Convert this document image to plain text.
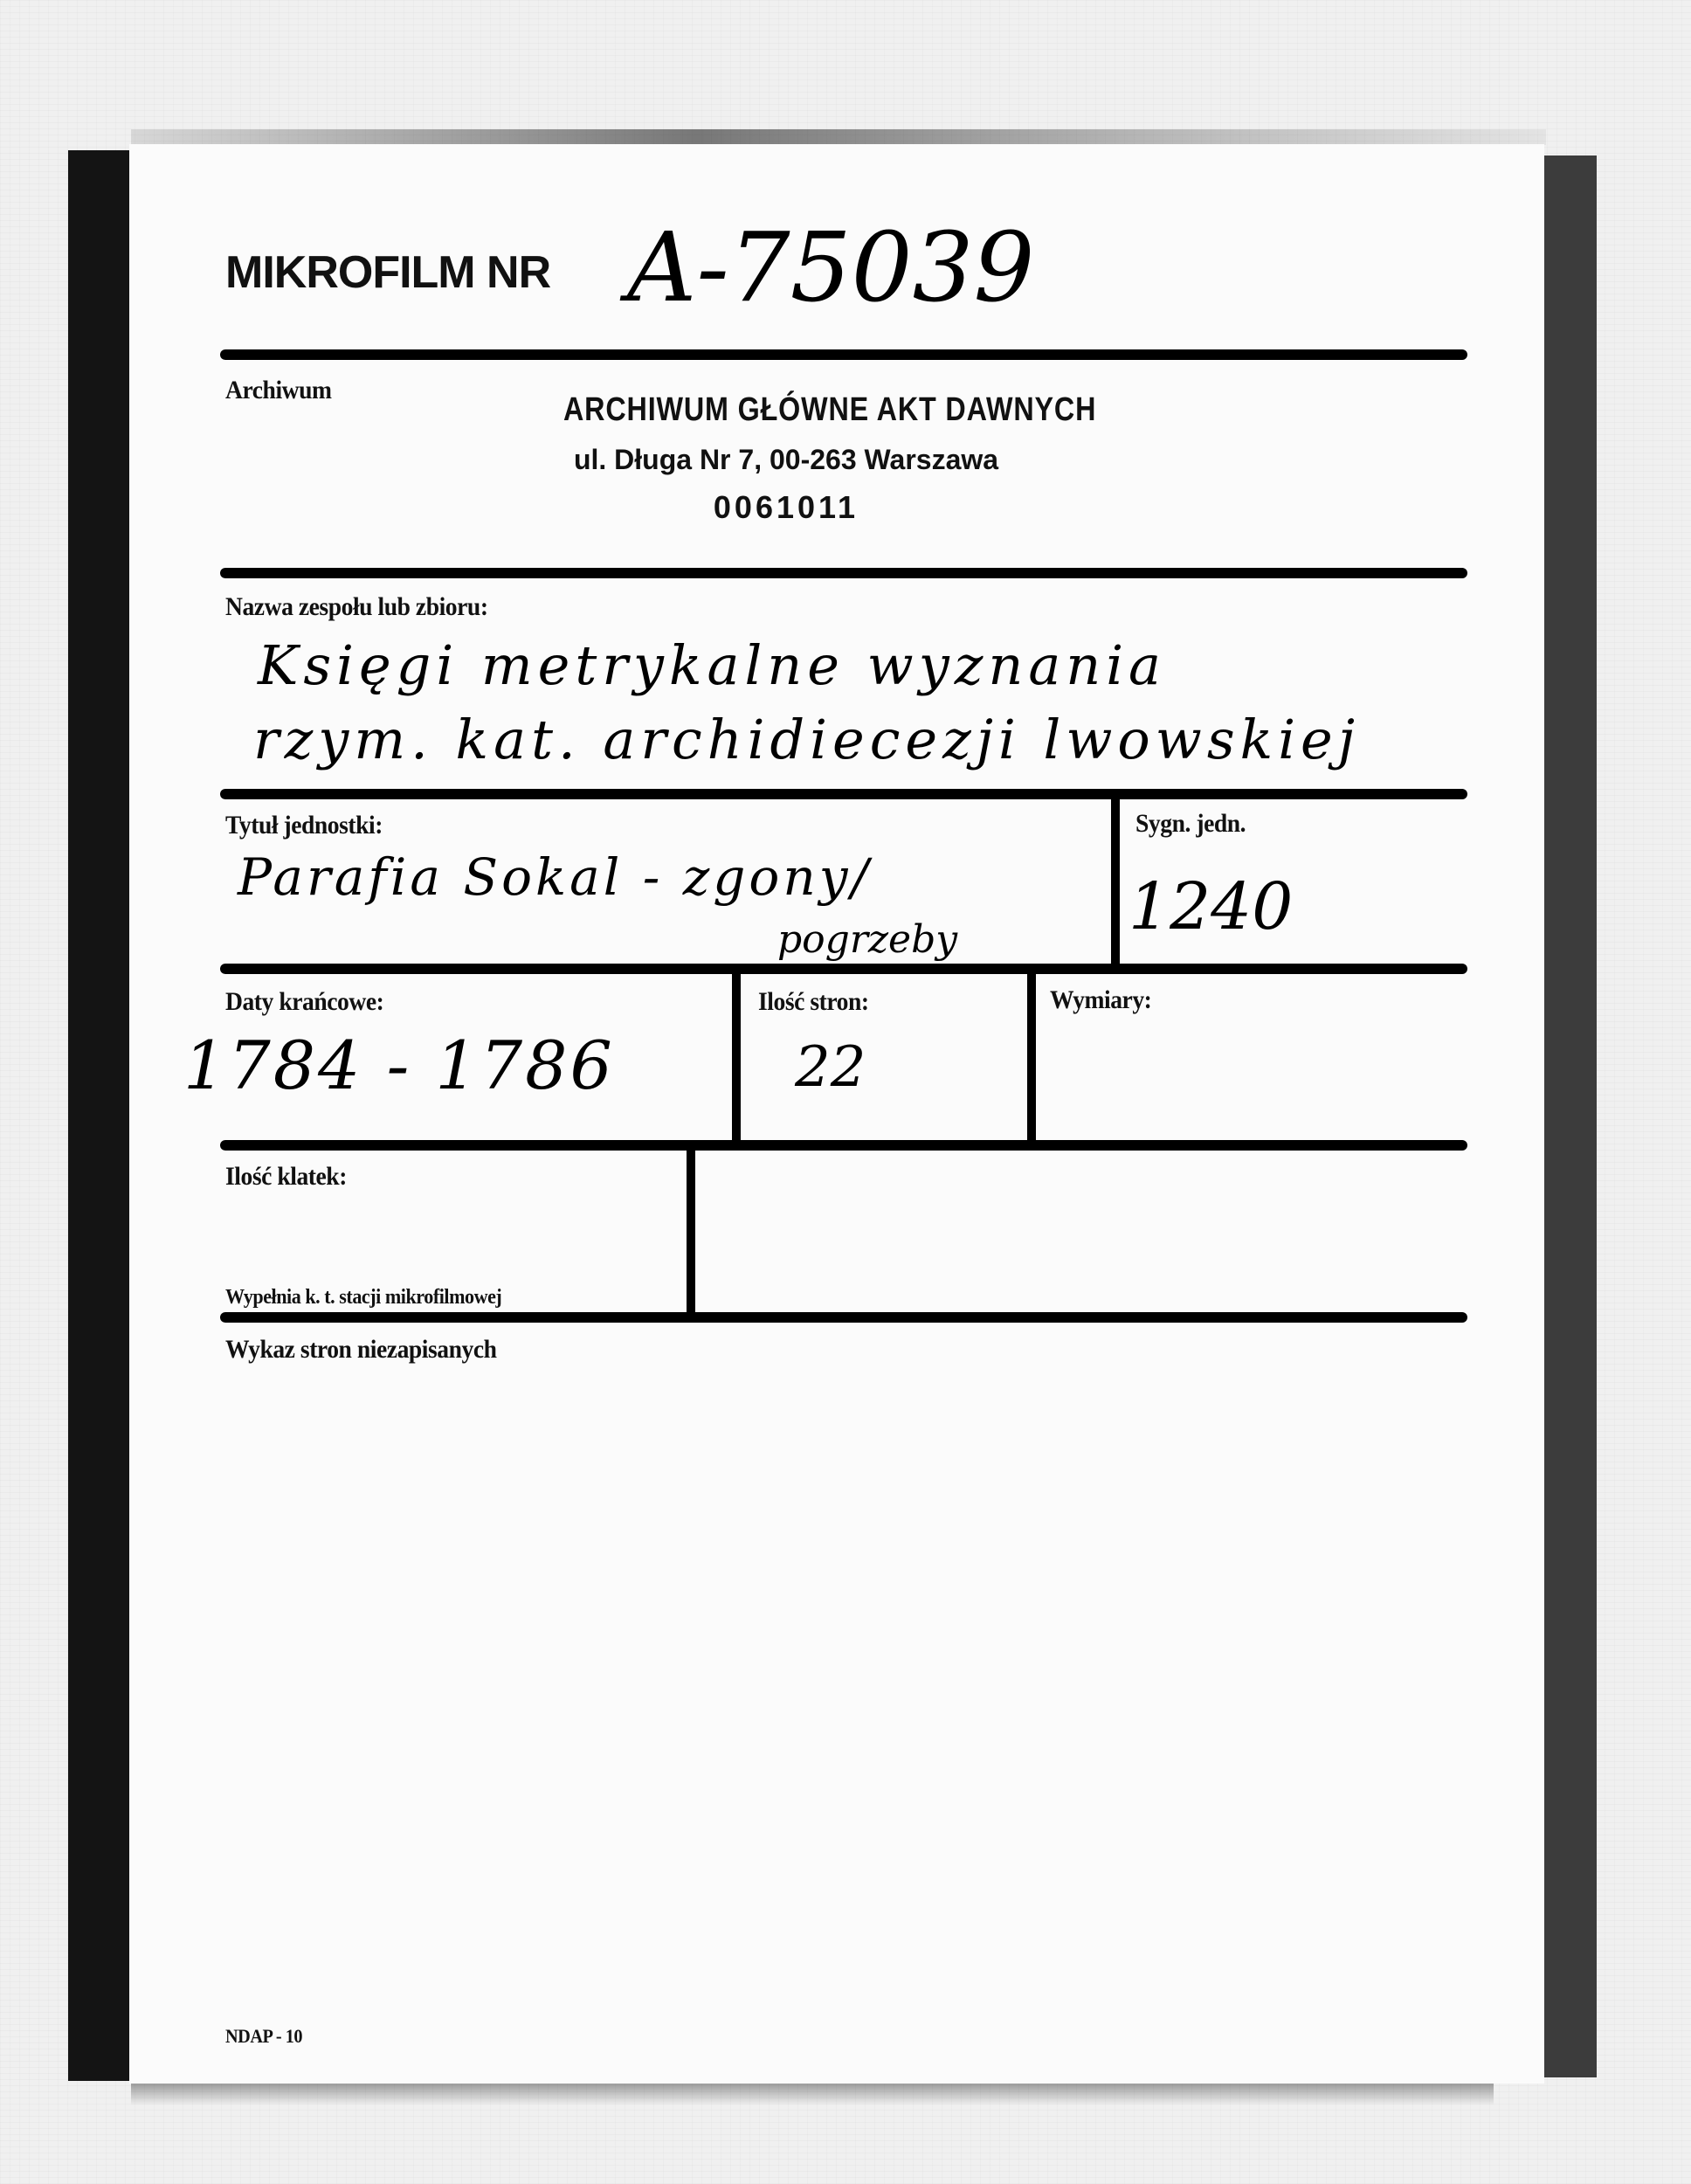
MIKROFILM NR A-75039
Archiwum
ARCHIWUM GŁÓWNE AKT DAWNYCH
ul. Długa Nr 7, 00-263 Warszawa
0061011
Nazwa zespołu lub zbioru:
Księgi metrykalne wyznania
rzym. kat. archidiecezji lwowskiej
Tytuł jednostki:
Parafia Sokal - zgony/
pogrzeby
Sygn. jedn.
1240
Daty krańcowe:
1784 - 1786
Ilość stron:
22
Wymiary:
Ilość klatek:
Wypełnia k. t. stacji mikrofilmowej
Wykaz stron niezapisanych
NDAP - 10
